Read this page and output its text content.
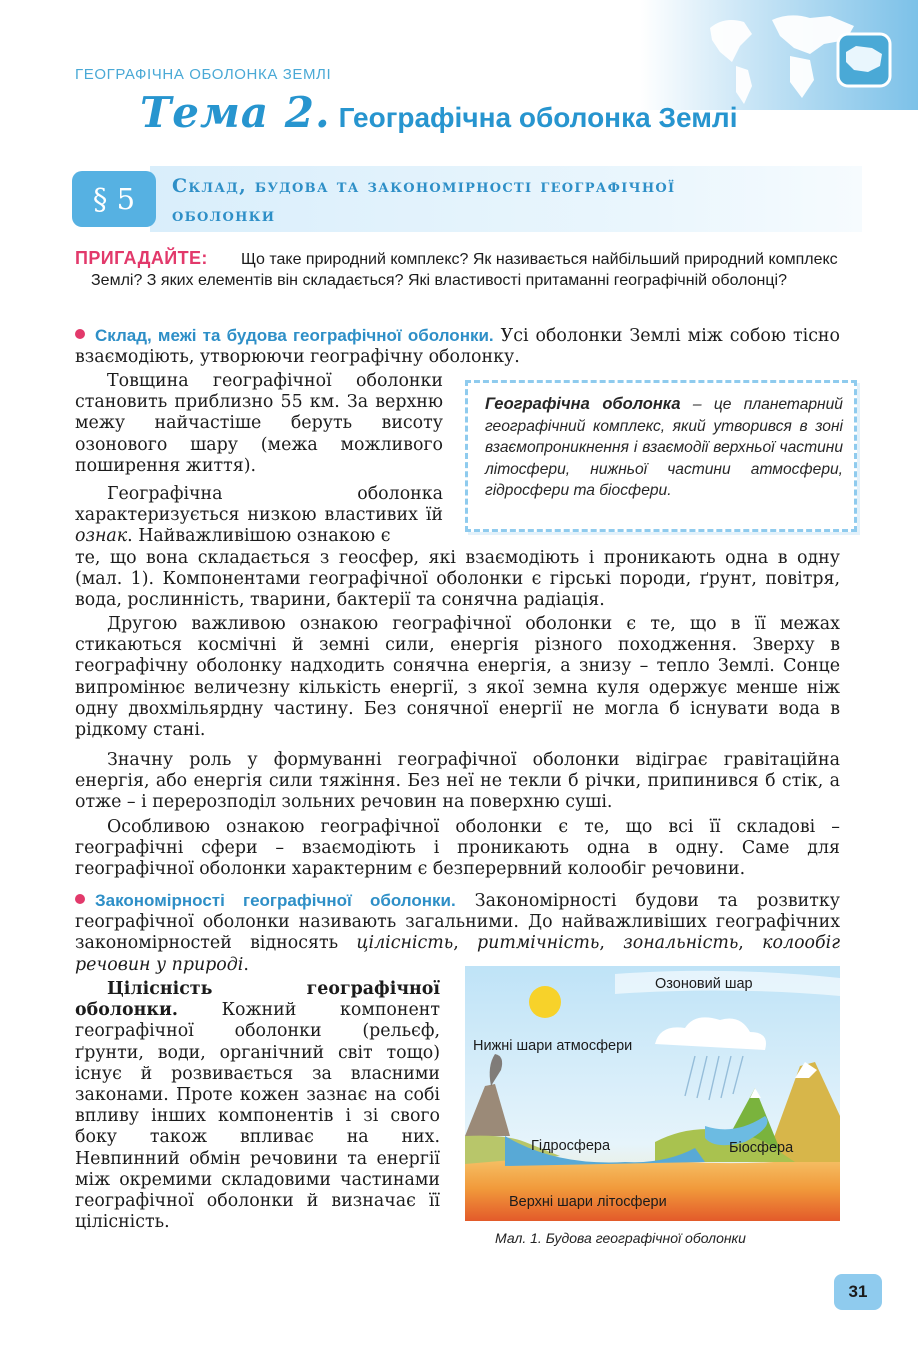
ГЕОГРАФІЧНА ОБОЛОНКА ЗЕМЛІ
Тема 2. Географічна оболонка Землі
§ 5	Склад, будова та закономірності географічної
оболонки
ПРИГАДАЙТЕ:	Що таке природний комплекс? Як називається найбільший природний комплекс Землі? З яких елементів він складається? Які властивості притаманні географічній оболонці?
Склад, межі та будова географічної оболонки. Усі оболонки Землі між собою тісно взаємодіють, утворюючи географічну оболонку.
Товщина географічної оболонки становить приблизно 55 км. За верхню межу найчастіше беруть висоту озонового шару (межа можливого поширення життя).
Географічна оболонка характеризується низкою властивих їй ознак. Найважливішою ознакою є
Географічна оболонка – це планетарний географічний комплекс, який утворився в зоні взаємопроникнення і взаємодії верхньої частини літосфери, нижньої частини атмосфери, гідросфери та біосфери.
те, що вона складається з геосфер, які взаємодіють і проникають одна в одну (мал. 1). Компонентами географічної оболонки є гірські породи, ґрунт, повітря, вода, рослинність, тварини, бактерії та сонячна радіація.
Другою важливою ознакою географічної оболонки є те, що в її межах стикаються космічні й земні сили, енергія різного походження. Зверху в географічну оболонку надходить сонячна енергія, а знизу – тепло Землі. Сонце випромінює величезну кількість енергії, з якої земна куля одержує менше ніж одну двохмільярдну частину. Без сонячної енергії не могла б існувати вода в рідкому стані.
Значну роль у формуванні географічної оболонки відіграє гравітаційна енергія, або енергія сили тяжіння. Без неї не текли б річки, припинився б стік, а отже – і перерозподіл зольних речовин на поверхню суші.
Особливою ознакою географічної оболонки є те, що всі її складові – географічні сфери – взаємодіють і проникають одна в одну. Саме для географічної оболонки характерним є безперервний колообіг речовини.
Закономірності географічної оболонки. Закономірності будови та розвитку географічної оболонки називають загальними. До найважливіших географічних закономірностей відносять цілісність, ритмічність, зональність, колообіг речовин у природі.
Цілісність географічної оболонки.	Кожний компонент географічної оболонки (рельєф, ґрунти, води, органічний світ тощо) існує й розвивається за власними законами. Проте кожен зазнає на собі впливу інших компонентів і зі свого боку також впливає на них. Невпинний обмін речовини та енергії між окремими складовими частинами географічної оболонки й визначає її цілісність.
Озоновий шар
Нижні шари атмосфери
Гідросфера	Біосфера
Верхні шари літосфери
Мал. 1. Будова географічної оболонки
31
